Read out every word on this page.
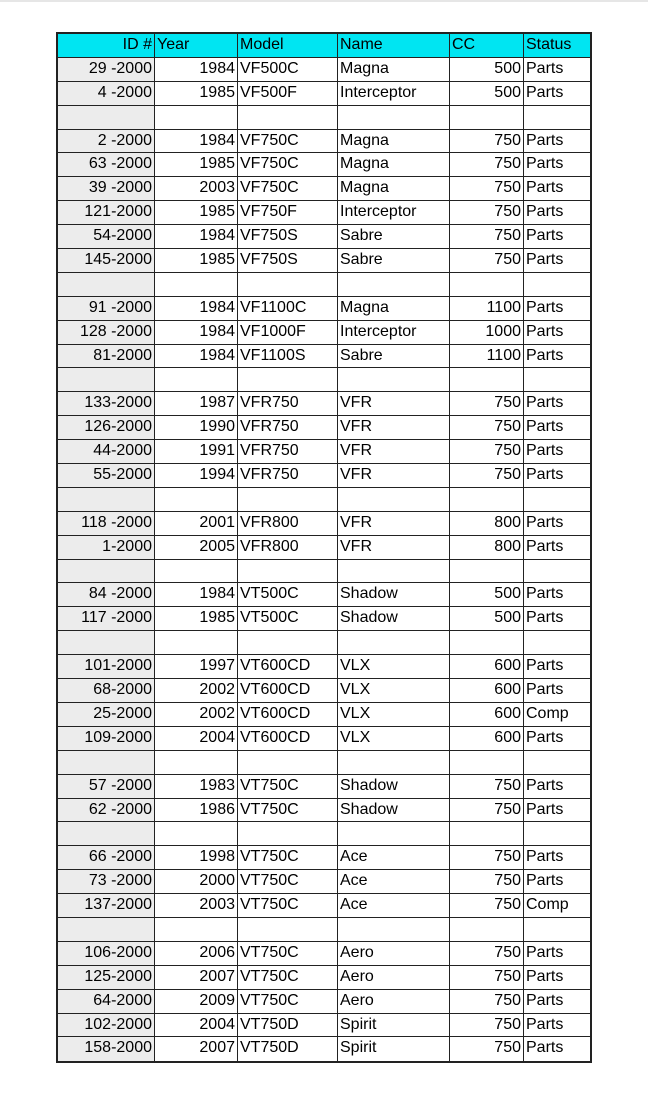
ID # Year	Model	Name	CC	Status
29 -2000	1984 VF500C	Magna	500 Parts
4 -2000	1985 VF500F	Interceptor	500 Parts
2 -2000	1984 VF750C	Magna	750 Parts
63 -2000	1985 VF750C	Magna	750 Parts
39 -2000	2003 VF750C	Magna	750 Parts
121-2000	1985 VF750F	Interceptor	750 Parts
54-2000	1984 VF750S	Sabre	750 Parts
145-2000	1985 VF750S	Sabre	750 Parts
91 -2000	1984 VF1100C	Magna	1100 Parts
128 -2000	1984 VF1000F	Interceptor	1000 Parts
81-2000	1984 VF1100S	Sabre	1100 Parts
133-2000	1987 VFR750	VFR	750 Parts
126-2000	1990 VFR750	VFR	750 Parts
44-2000	1991 VFR750	VFR	750 Parts
55-2000	1994 VFR750	VFR	750 Parts
118 -2000	2001 VFR800	VFR	800 Parts
1-2000	2005 VFR800	VFR	800 Parts
84 -2000	1984 VT500C	Shadow	500 Parts
117 -2000	1985 VT500C	Shadow	500 Parts
101-2000	1997 VT600CD	VLX	600 Parts
68-2000	2002 VT600CD	VLX	600 Parts
25-2000	2002 VT600CD	VLX	600 Comp
109-2000	2004 VT600CD	VLX	600 Parts
57 -2000	1983 VT750C	Shadow	750 Parts
62 -2000	1986 VT750C	Shadow	750 Parts
66 -2000	1998 VT750C	Ace	750 Parts
73 -2000	2000 VT750C	Ace	750 Parts
137-2000	2003 VT750C	Ace	750 Comp
106-2000	2006 VT750C	Aero	750 Parts
125-2000	2007 VT750C	Aero	750 Parts
64-2000	2009 VT750C	Aero	750 Parts
102-2000	2004 VT750D	Spirit	750 Parts
158-2000	2007 VT750D	Spirit	750 Parts
